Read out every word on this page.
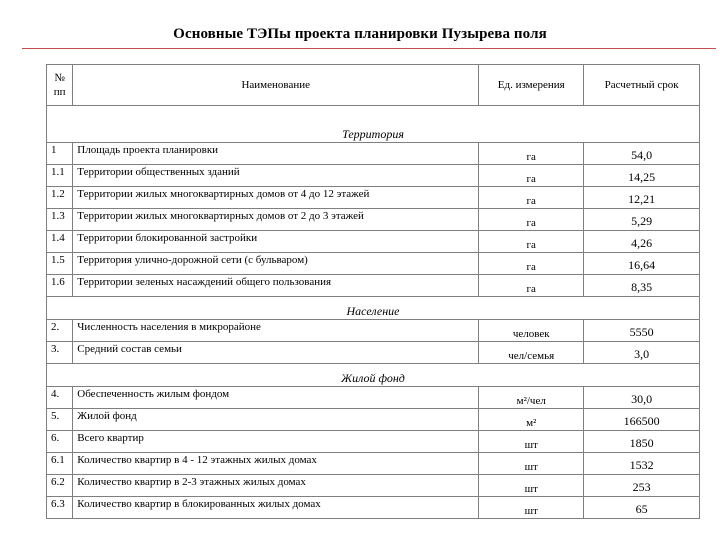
Основные ТЭПы проекта планировки Пузырева поля
№
пп	Наименование	Ед. измерения	Расчетный срок
Территория			
1	Площадь проекта планировки	га	54,0
1.1	Территории общественных зданий	га	14,25
1.2	Территории жилых многоквартирных домов от 4 до 12 этажей	га	12,21
1.3	Территории жилых многоквартирных домов от 2 до 3 этажей	га	5,29
1.4	Территории блокированной застройки	га	4,26
1.5	Территория улично-дорожной сети (с бульваром)	га	16,64
1.6	Территории зеленых насаждений общего пользования	га	8,35
Население			
2.	Численность населения в микрорайоне	человек	5550
3.	Средний состав семьи	чел/семья	3,0
Жилой фонд			
4.	Обеспеченность жилым фондом	м²/чел	30,0
5.	Жилой фонд	м²	166500
6.	Всего квартир	шт	1850
6.1	Количество квартир в 4 - 12 этажных жилых домах	шт	1532
6.2	Количество квартир в 2-3 этажных жилых домах	шт	253
6.3	Количество квартир в блокированных жилых домах	шт	65
